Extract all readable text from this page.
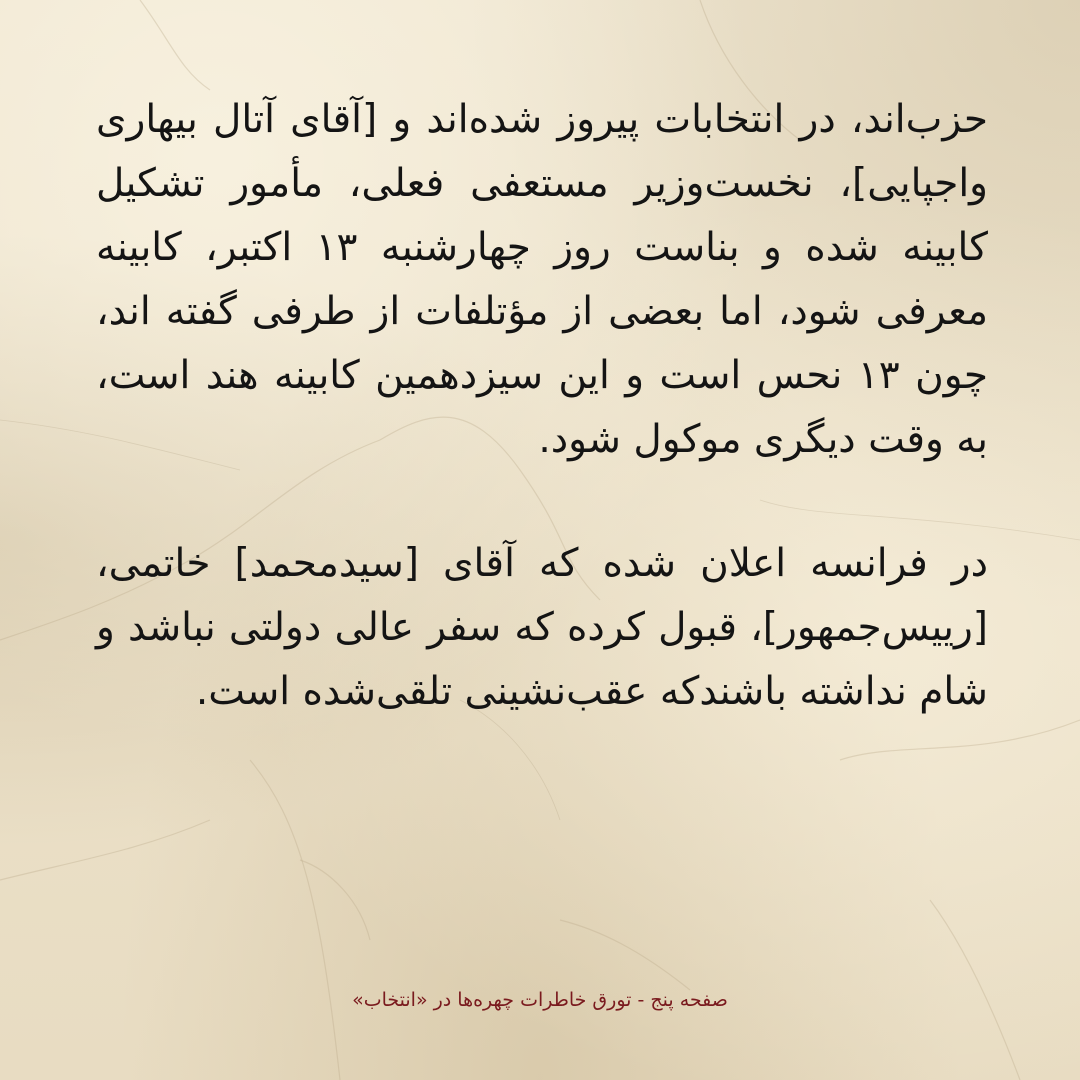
حزب‌اند، در انتخابات پیروز شده‌اند و [آقای آتال بیهاری واجپایی]، نخست‌وزیر مستعفی فعلی، مأمور تشکیل کابینه شده و بناست روز چهارشنبه ۱۳ اکتبر، کابینه معرفی شود، اما بعضی از مؤتلفات از طرفی گفته اند، چون ۱۳ نحس است و این سیزدهمین کابینه هند است، به وقت دیگری موکول شود.

در فرانسه اعلان شده که آقای [سیدمحمد] خاتمی، [رییس‌جمهور]، قبول کرده که سفر عالی دولتی نباشد و شام نداشته باشندکه عقب‌نشینی تلقی‌شده است.

صفحه پنج - تورق خاطرات چهره‌ها در «انتخاب»
